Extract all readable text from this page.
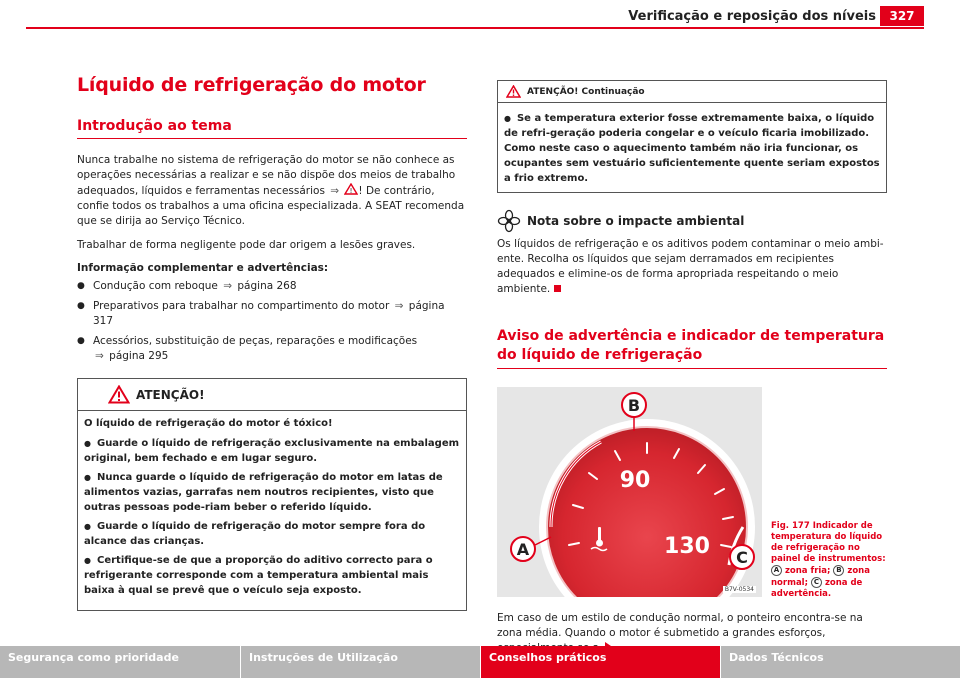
Verificação e reposição dos níveis	327
Líquido de refrigeração do motor
Introdução ao tema

Nunca trabalhe no sistema de refrigeração do motor se não conhece as operações necessárias a realizar e se não dispõe dos meios de trabalho adequados, líquidos e ferramentas necessários ⇒ ! ! De contrário, confie todos os trabalhos a uma oficina especializada. A SEAT recomenda que se dirija ao Serviço Técnico.

Trabalhar de forma negligente pode dar origem a lesões graves.

Informação complementar e advertências:
● Condução com reboque ⇒ página 268
● Preparativos para trabalhar no compartimento do motor ⇒ página 317
● Acessórios, substituição de peças, reparações e modificações
⇒ página 295
ATENÇÃO!
O líquido de refrigeração do motor é tóxico!
● Guarde o líquido de refrigeração exclusivamente na embalagem original, bem fechado e em lugar seguro.
● Nunca guarde o líquido de refrigeração do motor em latas de alimentos vazias, garrafas nem noutros recipientes, visto que outras pessoas pode-riam beber o referido líquido.
● Guarde o líquido de refrigeração do motor sempre fora do alcance das crianças.
● Certifique-se de que a proporção do aditivo correcto para o refrigerante corresponde com a temperatura ambiental mais baixa à qual se prevê que o veículo seja exposto.
ATENÇÃO! Continuação
● Se a temperatura exterior fosse extremamente baixa, o líquido de refri-geração poderia congelar e o veículo ficaria imobilizado. Como neste caso o aquecimento também não iria funcionar, os ocupantes sem vestuário suficientemente quente seriam expostos a frio extremo.
Nota sobre o impacte ambiental

Os líquidos de refrigeração e os aditivos podem contaminar o meio ambi-ente. Recolha os líquidos que sejam derramados em recipientes adequados e elimine-os de forma apropriada respeitando o meio ambiente.

Aviso de advertência e indicador de temperatura do líquido de refrigeração
90
130
B
A	C
B7V-0534
Fig. 177 Indicador de temperatura do líquido de refrigeração no painel de instrumentos: A zona fria; B zona normal; C zona de advertência.

Em caso de um estilo de condução normal, o ponteiro encontra-se na zona média. Quando o motor é submetido a grandes esforços,

Segurança como prioridade	Instruções de Utilização	Conselhos práticos	Dados Técnicos
